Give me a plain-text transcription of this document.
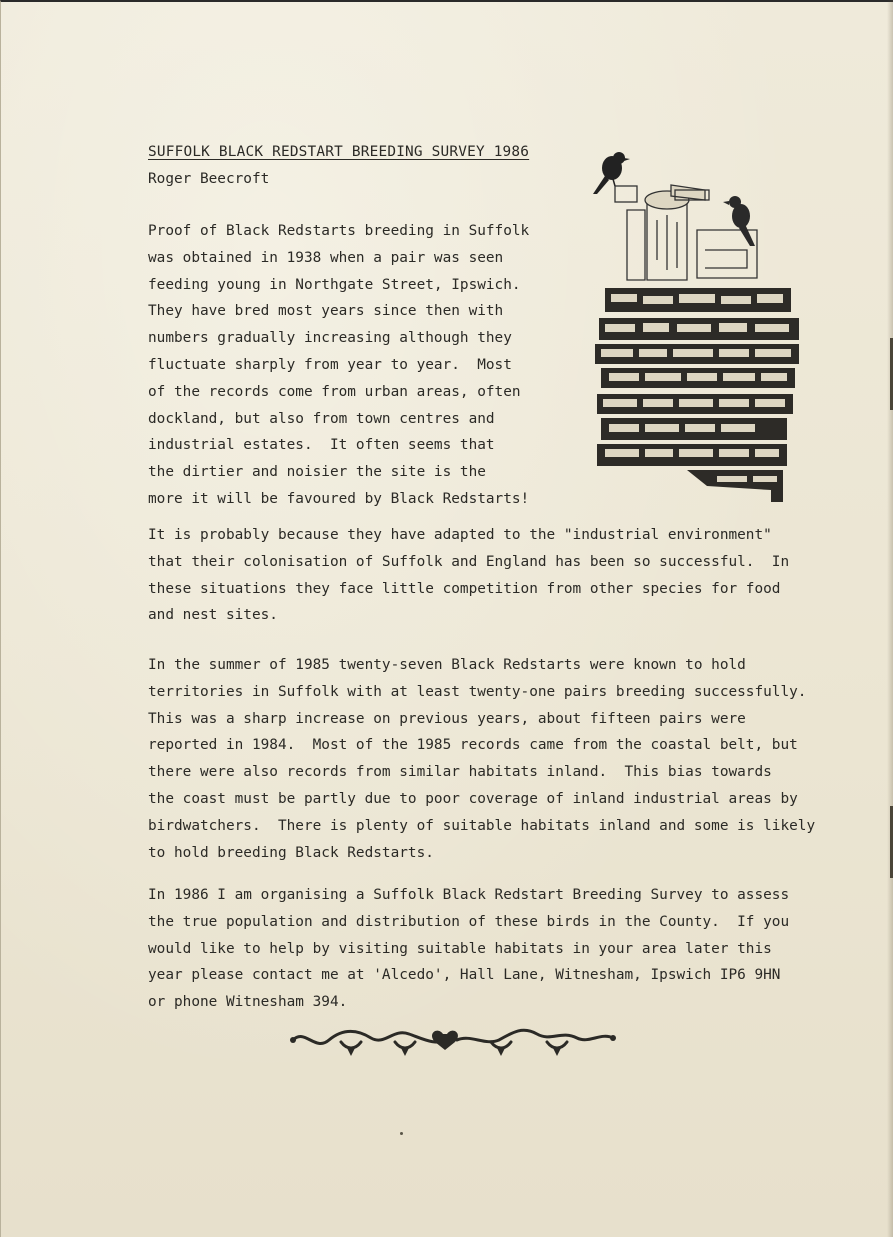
SUFFOLK BLACK REDSTART BREEDING SURVEY 1986

Roger Beecroft

Proof of Black Redstarts breeding in Suffolk
was obtained in 1938 when a pair was seen
feeding young in Northgate Street, Ipswich.
They have bred most years since then with
numbers gradually increasing although they
fluctuate sharply from year to year.  Most
of the records come from urban areas, often
dockland, but also from town centres and
industrial estates.  It often seems that
the dirtier and noisier the site is the
more it will be favoured by Black Redstarts!

It is probably because they have adapted to the "industrial environment"
that their colonisation of Suffolk and England has been so successful.  In
these situations they face little competition from other species for food
and nest sites.

In the summer of 1985 twenty-seven Black Redstarts were known to hold
territories in Suffolk with at least twenty-one pairs breeding successfully.
This was a sharp increase on previous years, about fifteen pairs were
reported in 1984.  Most of the 1985 records came from the coastal belt, but
there were also records from similar habitats inland.  This bias towards
the coast must be partly due to poor coverage of inland industrial areas by
birdwatchers.  There is plenty of suitable habitats inland and some is likely
to hold breeding Black Redstarts.

In 1986 I am organising a Suffolk Black Redstart Breeding Survey to assess
the true population and distribution of these birds in the County.  If you
would like to help by visiting suitable habitats in your area later this
year please contact me at 'Alcedo', Hall Lane, Witnesham, Ipswich IP6 9HN
or phone Witnesham 394.
